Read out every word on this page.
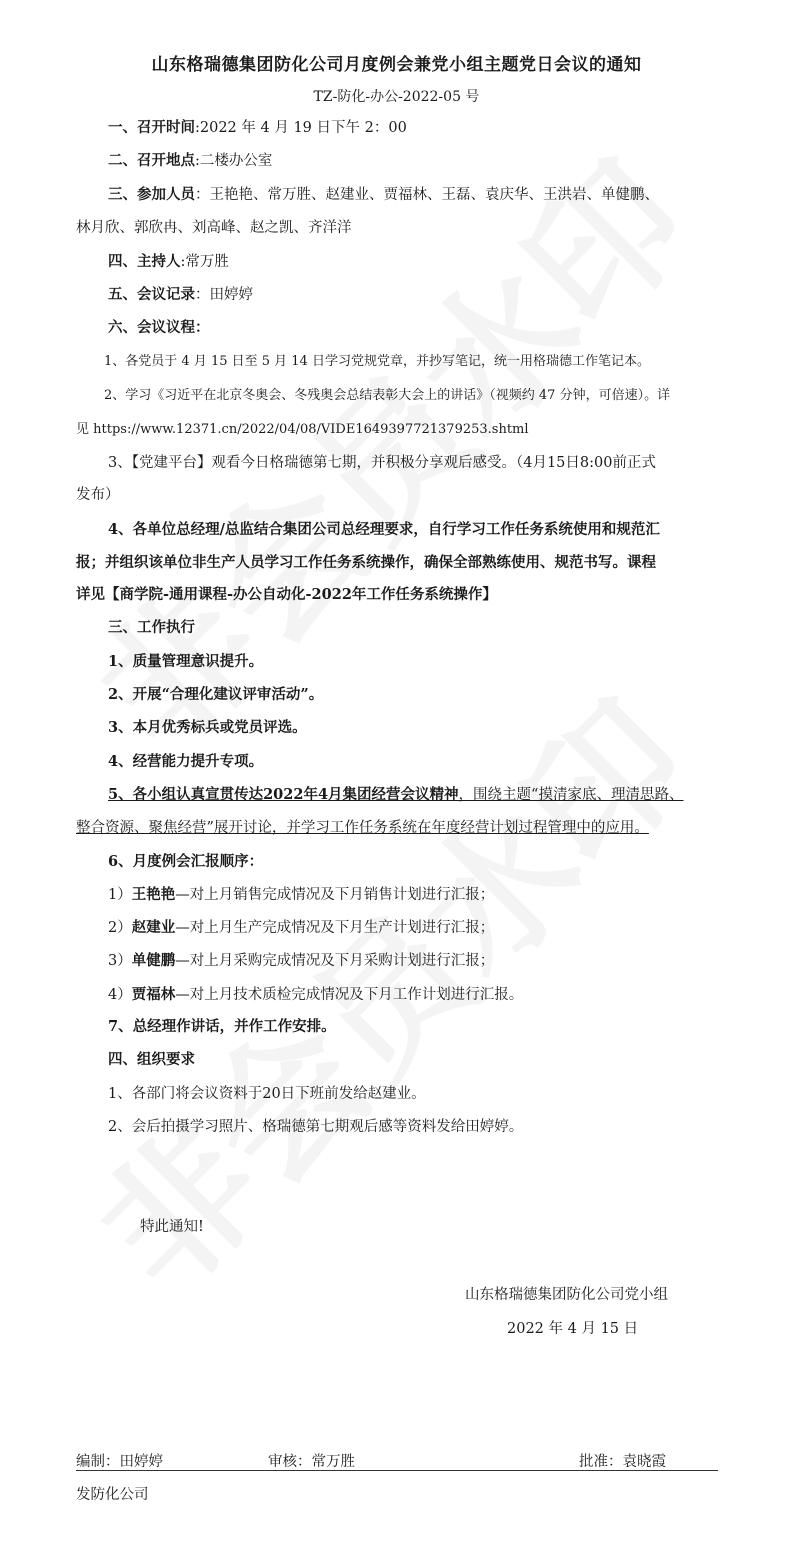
山东格瑞德集团防化公司月度例会兼党小组主题党日会议的通知
TZ-防化-办公-2022-05 号
一、召开时间:2022 年 4 月 19 日下午 2：00
二、召开地点:二楼办公室
三、参加人员：王艳艳、常万胜、赵建业、贾福林、王磊、袁庆华、王洪岩、单健鹏、
林月欣、郭欣冉、刘高峰、赵之凯、齐洋洋
四、主持人:常万胜
五、会议记录：田婷婷
六、会议议程：
1、各党员于 4 月 15 日至 5 月 14 日学习党规党章，并抄写笔记，统一用格瑞德工作笔记本。
2、学习《习近平在北京冬奥会、冬残奥会总结表彰大会上的讲话》（视频约 47 分钟，可倍速）。详
见 https://www.12371.cn/2022/04/08/VIDE1649397721379253.shtml
3、【党建平台】观看今日格瑞德第七期，并积极分享观后感受。（4月15日8:00前正式
发布）
4、各单位总经理/总监结合集团公司总经理要求，自行学习工作任务系统使用和规范汇
报；并组织该单位非生产人员学习工作任务系统操作，确保全部熟练使用、规范书写。课程
详见【商学院-通用课程-办公自动化-2022年工作任务系统操作】
三、工作执行
1、质量管理意识提升。
2、开展“合理化建议评审活动”。
3、本月优秀标兵或党员评选。
4、经营能力提升专项。
5、各小组认真宣贯传达2022年4月集团经营会议精神，围绕主题“摸清家底、理清思路、
整合资源、聚焦经营”展开讨论，并学习工作任务系统在年度经营计划过程管理中的应用。
6、月度例会汇报顺序：
1）王艳艳—对上月销售完成情况及下月销售计划进行汇报；
2）赵建业—对上月生产完成情况及下月生产计划进行汇报；
3）单健鹏—对上月采购完成情况及下月采购计划进行汇报；
4）贾福林—对上月技术质检完成情况及下月工作计划进行汇报。
7、总经理作讲话，并作工作安排。
四、组织要求
1、各部门将会议资料于20日下班前发给赵建业。
2、会后拍摄学习照片、格瑞德第七期观后感等资料发给田婷婷。
特此通知!
山东格瑞德集团防化公司党小组
2022 年 4 月 15 日
编制：田婷婷	审核：常万胜	批准：袁晓霞
发防化公司
